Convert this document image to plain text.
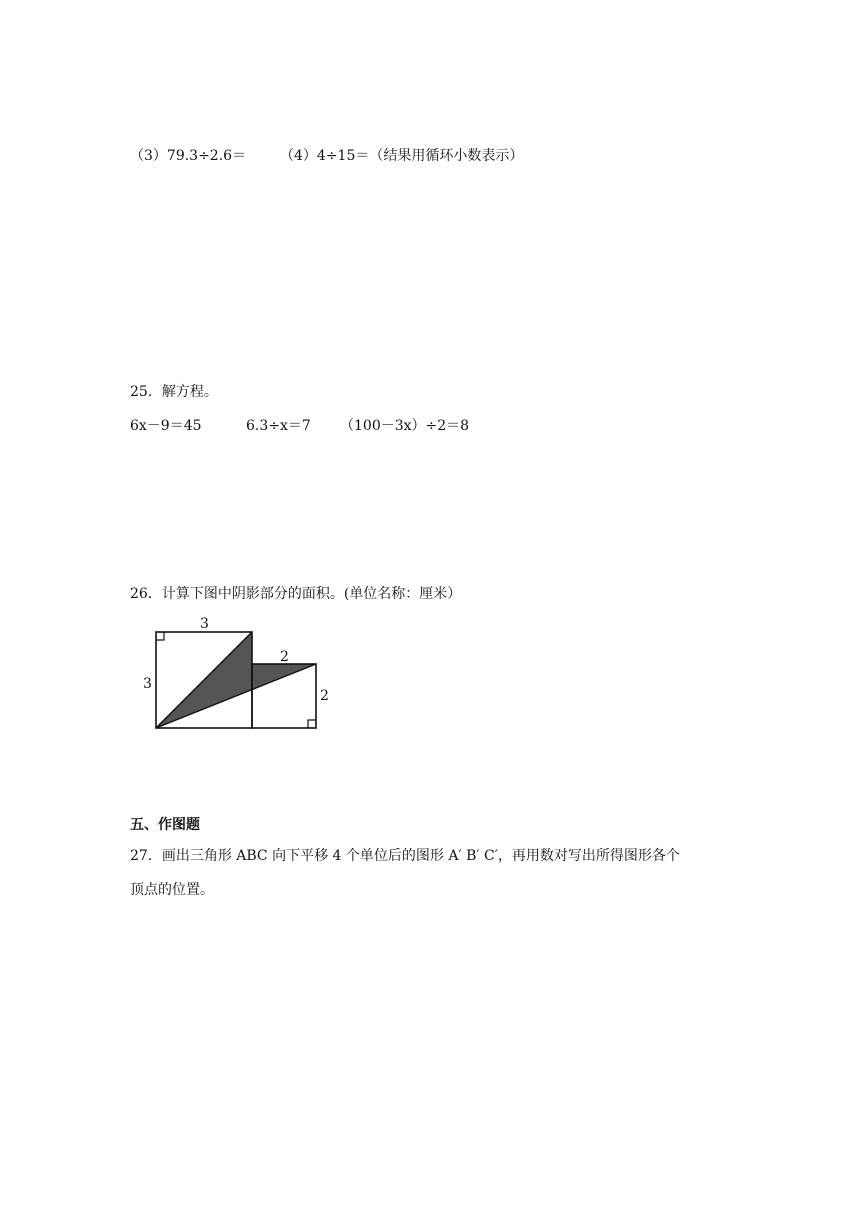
（3）79.3÷2.6＝ （4）4÷15＝（结果用循环小数表示）
25．解方程。
6x－9＝45	6.3÷x＝7 （100－3x）÷2＝8
26．计算下图中阴影部分的面积。(单位名称：厘米）
3
3
2
2
五、作图题
27．画出三角形 ABC 向下平移 4 个单位后的图形 A′ B′ C′，再用数对写出所得图形各个
顶点的位置。
